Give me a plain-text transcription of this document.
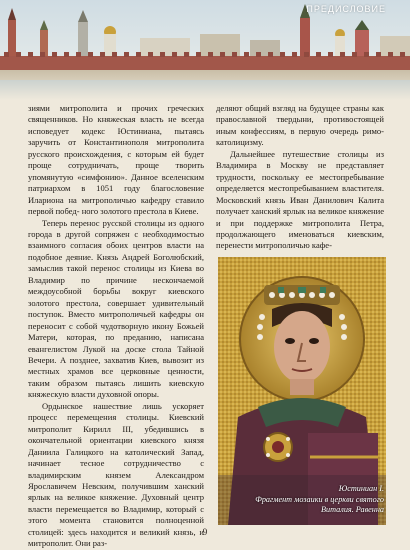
ПРЕДИСЛОВИЕ

зиями митрополита и прочих греческих священников. Но княжеская власть не всегда исповедует кодекс Юстиниана, пытаясь заручить от Константинополя митрополита русского происхождения, с которым ей будет проще сотрудничать, проще творить упомянутую «симфонию». Данное вселенским патриархом в 1051 году благословение Илариона на митрополичью кафедру ставило первой побед- ного золотого престола в Киеве.

Теперь перенос русской столицы из одного города в другой сопряжен с необходимостью взаимного согласия обоих центров власти на подобное деяние. Князь Андрей Боголюбский, замыслив такой перенос столицы из Киева во Владимир по причине нескончаемой междоусобной борьбы вокруг киевского золотого престола, совершает удивительный поступок. Вместо митрополичьей кафедры он переносит с собой чудотворную икону Божьей Матери, которая, по преданию, написана евангелистом Лукой на доске стола Тайной Вечери. А позднее, захватив Киев, вывозит из местных храмов все церковные ценности, таким образом пытаясь лишить киевскую княжескую власти духовной опоры.

Ордынское нашествие лишь ускоряет процесс перемещения столицы. Киевский митрополит Кирилл III, убедившись в окончательной ориентации киевского князя Даниила Галицкого на католический Запад, начинает тесное сотрудничество с владимирским князем Александром Ярославичем Невским, получившим ханский ярлык на великое княжение. Духовный центр власти перемещается во Владимир, который с этого момента становится полноценной столицей: здесь находится и великий князь, и митрополит. Они раз-

деляют общий взгляд на будущее страны как православной твердыни, противостоящей иным конфессиям, в первую очередь римо-католицизму.

Дальнейшее путешествие столицы из Владимира в Москву не представляет трудности, поскольку ее местопребывание определяется местопребыванием властителя. Московский князь Иван Данилович Калита получает ханский ярлык на великое княжение и при поддержке митрополита Петра, продолжающего именоваться киевским, перенести митрополичью кафе-

Юстиниан I.
Фрагмент мозаики в церкви святого Виталия. Равенна
9
